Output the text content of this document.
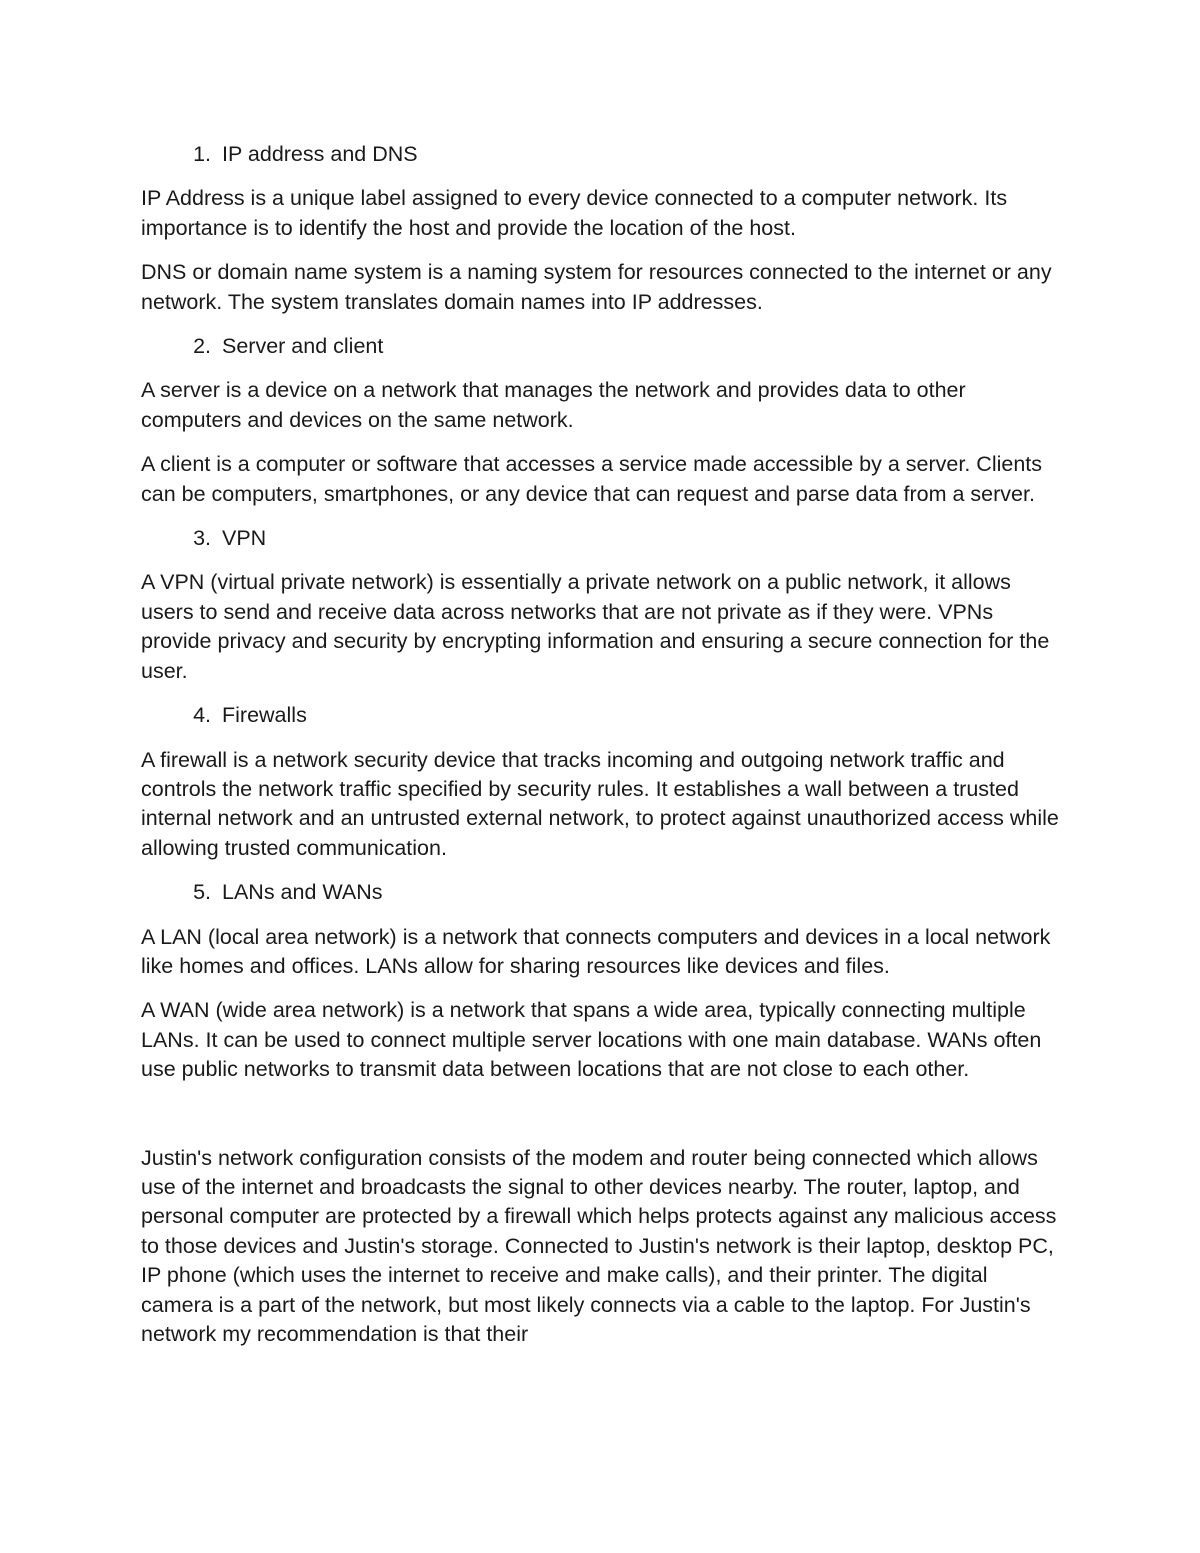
1. IP address and DNS

IP Address is a unique label assigned to every device connected to a computer network. Its importance is to identify the host and provide the location of the host.

DNS or domain name system is a naming system for resources connected to the internet or any network. The system translates domain names into IP addresses.

2. Server and client

A server is a device on a network that manages the network and provides data to other computers and devices on the same network.

A client is a computer or software that accesses a service made accessible by a server. Clients can be computers, smartphones, or any device that can request and parse data from a server.

3. VPN

A VPN (virtual private network) is essentially a private network on a public network, it allows users to send and receive data across networks that are not private as if they were. VPNs provide privacy and security by encrypting information and ensuring a secure connection for the user.

4. Firewalls

A firewall is a network security device that tracks incoming and outgoing network traffic and controls the network traffic specified by security rules. It establishes a wall between a trusted internal network and an untrusted external network, to protect against unauthorized access while allowing trusted communication.

5. LANs and WANs

A LAN (local area network) is a network that connects computers and devices in a local network like homes and offices. LANs allow for sharing resources like devices and files.

A WAN (wide area network) is a network that spans a wide area, typically connecting multiple LANs. It can be used to connect multiple server locations with one main database. WANs often use public networks to transmit data between locations that are not close to each other.

Justin's network configuration consists of the modem and router being connected which allows use of the internet and broadcasts the signal to other devices nearby. The router, laptop, and personal computer are protected by a firewall which helps protects against any malicious access to those devices and Justin's storage. Connected to Justin's network is their laptop, desktop PC, IP phone (which uses the internet to receive and make calls), and their printer. The digital camera is a part of the network, but most likely connects via a cable to the laptop. For Justin's network my recommendation is that their
